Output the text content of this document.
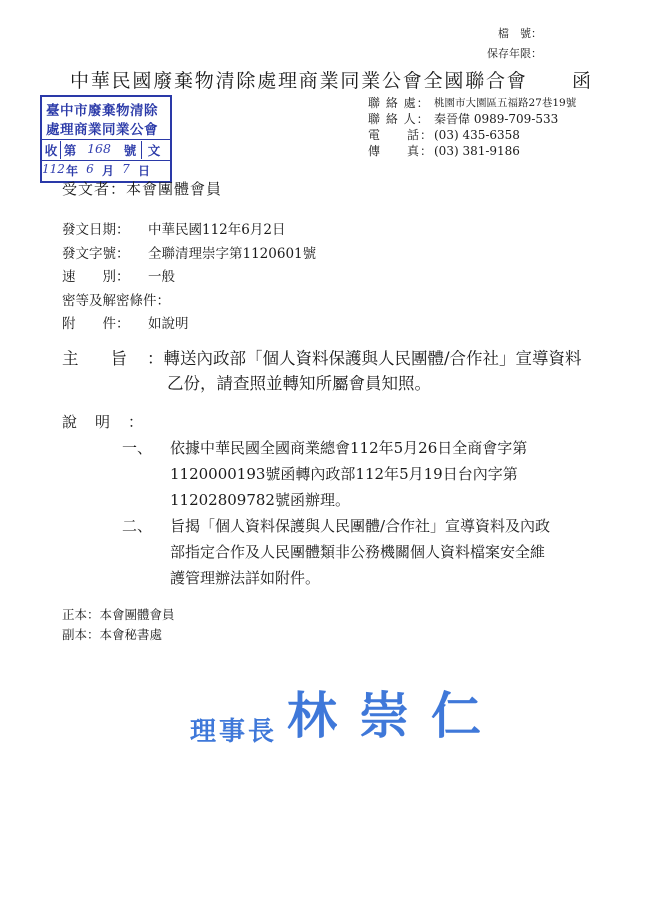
檔　號：
保存年限：
中華民國廢棄物清除處理商業同業公會全國聯合會 函
聯 絡 處： 桃園市大園區五福路27巷19號
聯 絡 人： 秦晉偉 0989-709-533
電　　話： (03) 435-6358
傳　　真： (03) 381-9186
臺中市廢棄物清除
處理商業同業公會
收 第 168	號 文
112 年 6 月 7 日
受文者：本會團體會員
發文日期：	中華民國112年6月2日
發文字號：	全聯清理崇字第1120601號
速　　別：	一般
密等及解密條件：
附　　件：	如說明
主旨
：轉送內政部「個人資料保護與人民團體/合作社」宣導資料
乙份，請查照並轉知所屬會員知照。
說明：
一、 依據中華民國全國商業總會112年5月26日全商會字第
1120000193號函轉內政部112年5月19日台內字第
11202809782號函辦理。
二、 旨揭「個人資料保護與人民團體/合作社」宣導資料及內政
部指定合作及人民團體類非公務機關個人資料檔案安全維
護管理辦法詳如附件。
正本：本會團體會員
副本：本會秘書處
理事長 林崇仁
